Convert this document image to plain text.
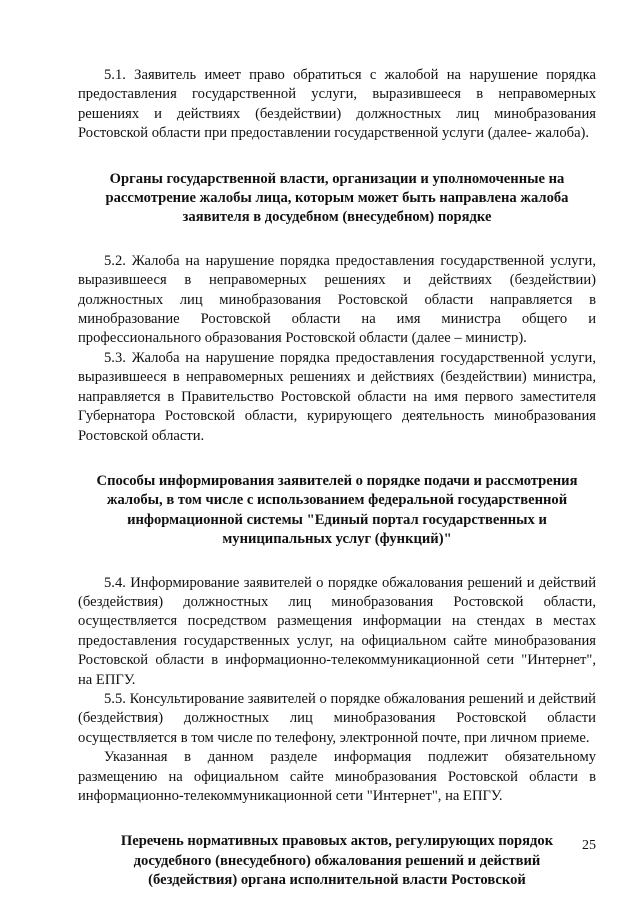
5.1. Заявитель имеет право обратиться с жалобой на нарушение порядка предоставления государственной услуги, выразившееся в неправомерных решениях и действиях (бездействии) должностных лиц минобразования Ростовской области при предоставлении государственной услуги (далее- жалоба).

Органы государственной власти, организации и уполномоченные на рассмотрение жалобы лица, которым может быть направлена жалоба заявителя в досудебном (внесудебном) порядке

5.2. Жалоба на нарушение порядка предоставления государственной услуги, выразившееся в неправомерных решениях и действиях (бездействии) должностных лиц минобразования Ростовской области направляется в минобразование Ростовской области на имя министра общего и профессионального образования Ростовской области (далее – министр).

5.3. Жалоба на нарушение порядка предоставления государственной услуги, выразившееся в неправомерных решениях и действиях (бездействии) министра, направляется в Правительство Ростовской области на имя первого заместителя Губернатора Ростовской области, курирующего деятельность минобразования Ростовской области.

Способы информирования заявителей о порядке подачи и рассмотрения жалобы, в том числе с использованием федеральной государственной информационной системы "Единый портал государственных и муниципальных услуг (функций)"

5.4. Информирование заявителей о порядке обжалования решений и действий (бездействия) должностных лиц минобразования Ростовской области, осуществляется посредством размещения информации на стендах в местах предоставления государственных услуг, на официальном сайте минобразования Ростовской области в информационно-телекоммуникационной сети "Интернет", на ЕПГУ.

5.5. Консультирование заявителей о порядке обжалования решений и действий (бездействия) должностных лиц минобразования Ростовской области осуществляется в том числе по телефону, электронной почте, при личном приеме.

Указанная в данном разделе информация подлежит обязательному размещению на официальном сайте минобразования Ростовской области в информационно-телекоммуникационной сети "Интернет", на ЕПГУ.

Перечень нормативных правовых актов, регулирующих порядок досудебного (внесудебного) обжалования решений и действий (бездействия) органа исполнительной власти Ростовской

25
